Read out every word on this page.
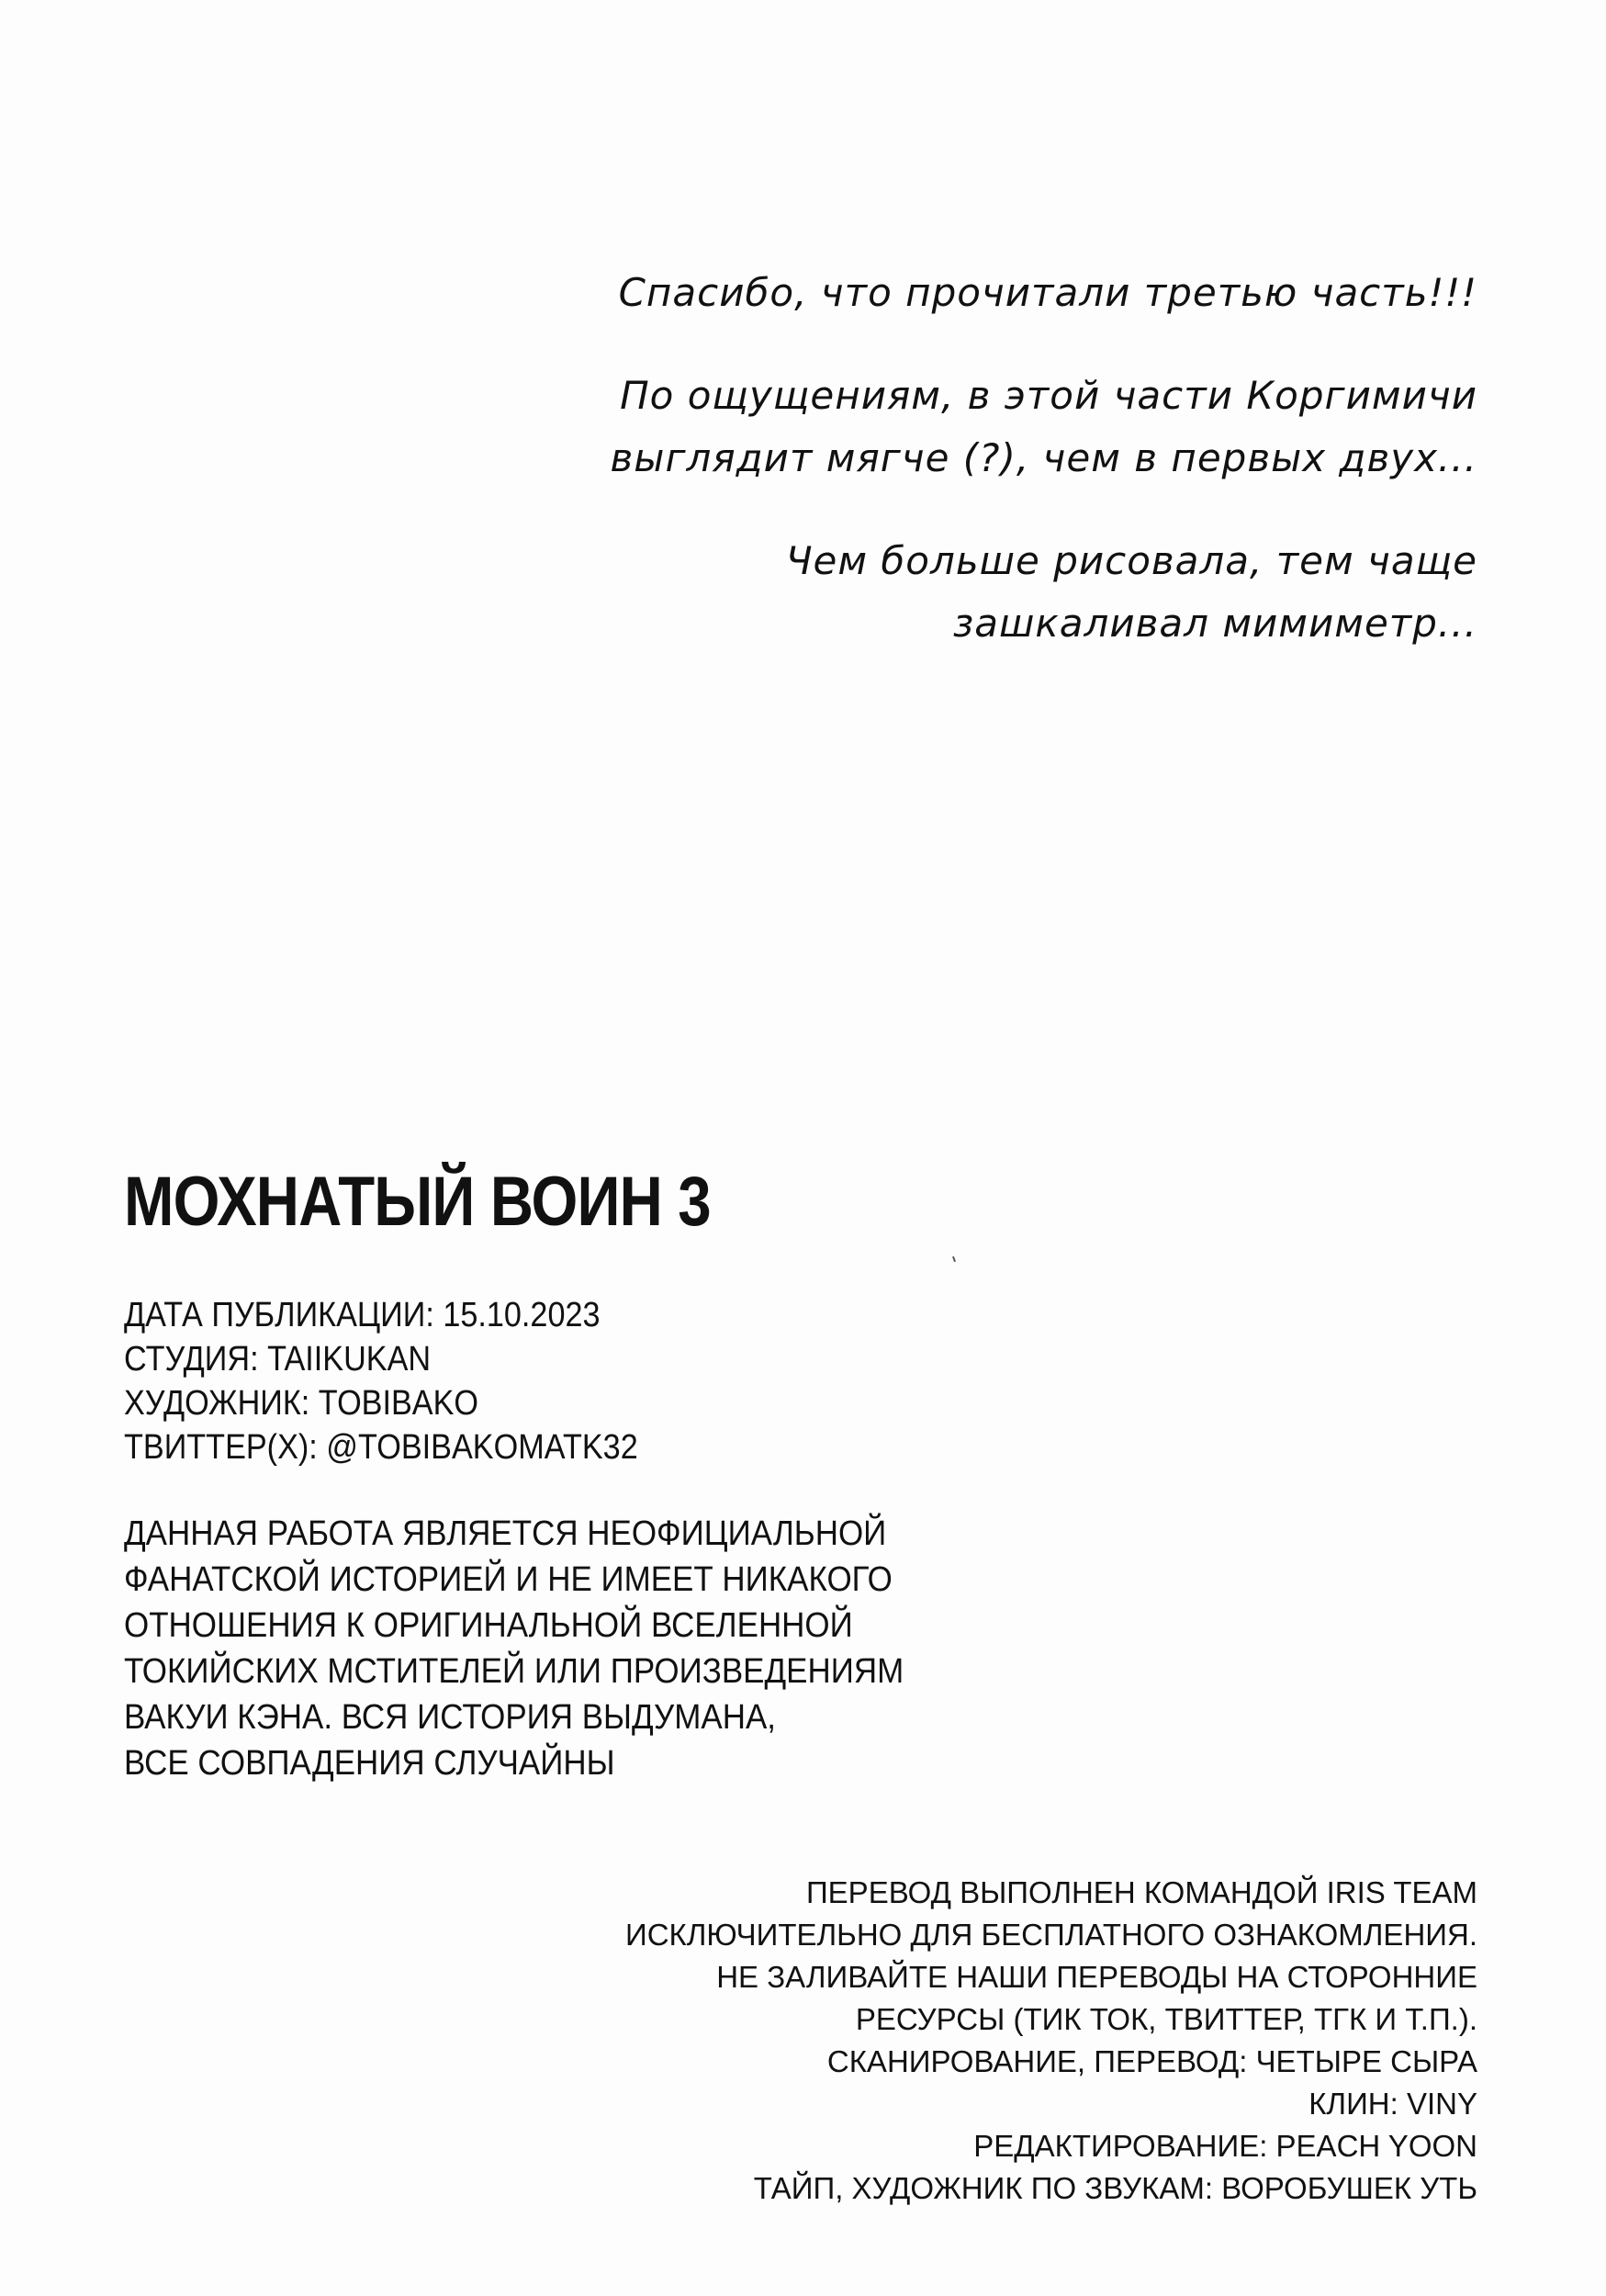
Спасибо, что прочитали третью часть!!!
По ощущениям, в этой части Коргимичи
выглядит мягче (?), чем в первых двух...
Чем больше рисовала, тем чаще
зашкаливал мимиметр...
МОХНАТЫЙ ВОИН 3
ДАТА ПУБЛИКАЦИИ: 15.10.2023
СТУДИЯ: TAIIKUKAN
ХУДОЖНИК: TOBIBAKO
ТВИТТЕР(X): @TOBIBAKOMATK32
ДАННАЯ РАБОТА ЯВЛЯЕТСЯ НЕОФИЦИАЛЬНОЙ
ФАНАТСКОЙ ИСТОРИЕЙ И НЕ ИМЕЕТ НИКАКОГО
ОТНОШЕНИЯ К ОРИГИНАЛЬНОЙ ВСЕЛЕННОЙ
ТОКИЙСКИХ МСТИТЕЛЕЙ ИЛИ ПРОИЗВЕДЕНИЯМ
ВАКУИ КЭНА. ВСЯ ИСТОРИЯ ВЫДУМАНА,
ВСЕ СОВПАДЕНИЯ СЛУЧАЙНЫ
ПЕРЕВОД ВЫПОЛНЕН КОМАНДОЙ IRIS TEAM
ИСКЛЮЧИТЕЛЬНО ДЛЯ БЕСПЛАТНОГО ОЗНАКОМЛЕНИЯ.
НЕ ЗАЛИВАЙТЕ НАШИ ПЕРЕВОДЫ НА СТОРОННИЕ
РЕСУРСЫ (ТИК ТОК, ТВИТТЕР, ТГК И Т.П.).
СКАНИРОВАНИЕ, ПЕРЕВОД: ЧЕТЫРЕ СЫРА
КЛИН: VINY
РЕДАКТИРОВАНИЕ: PEACH YOON
ТАЙП, ХУДОЖНИК ПО ЗВУКАМ: ВОРОБУШЕК УТЬ
